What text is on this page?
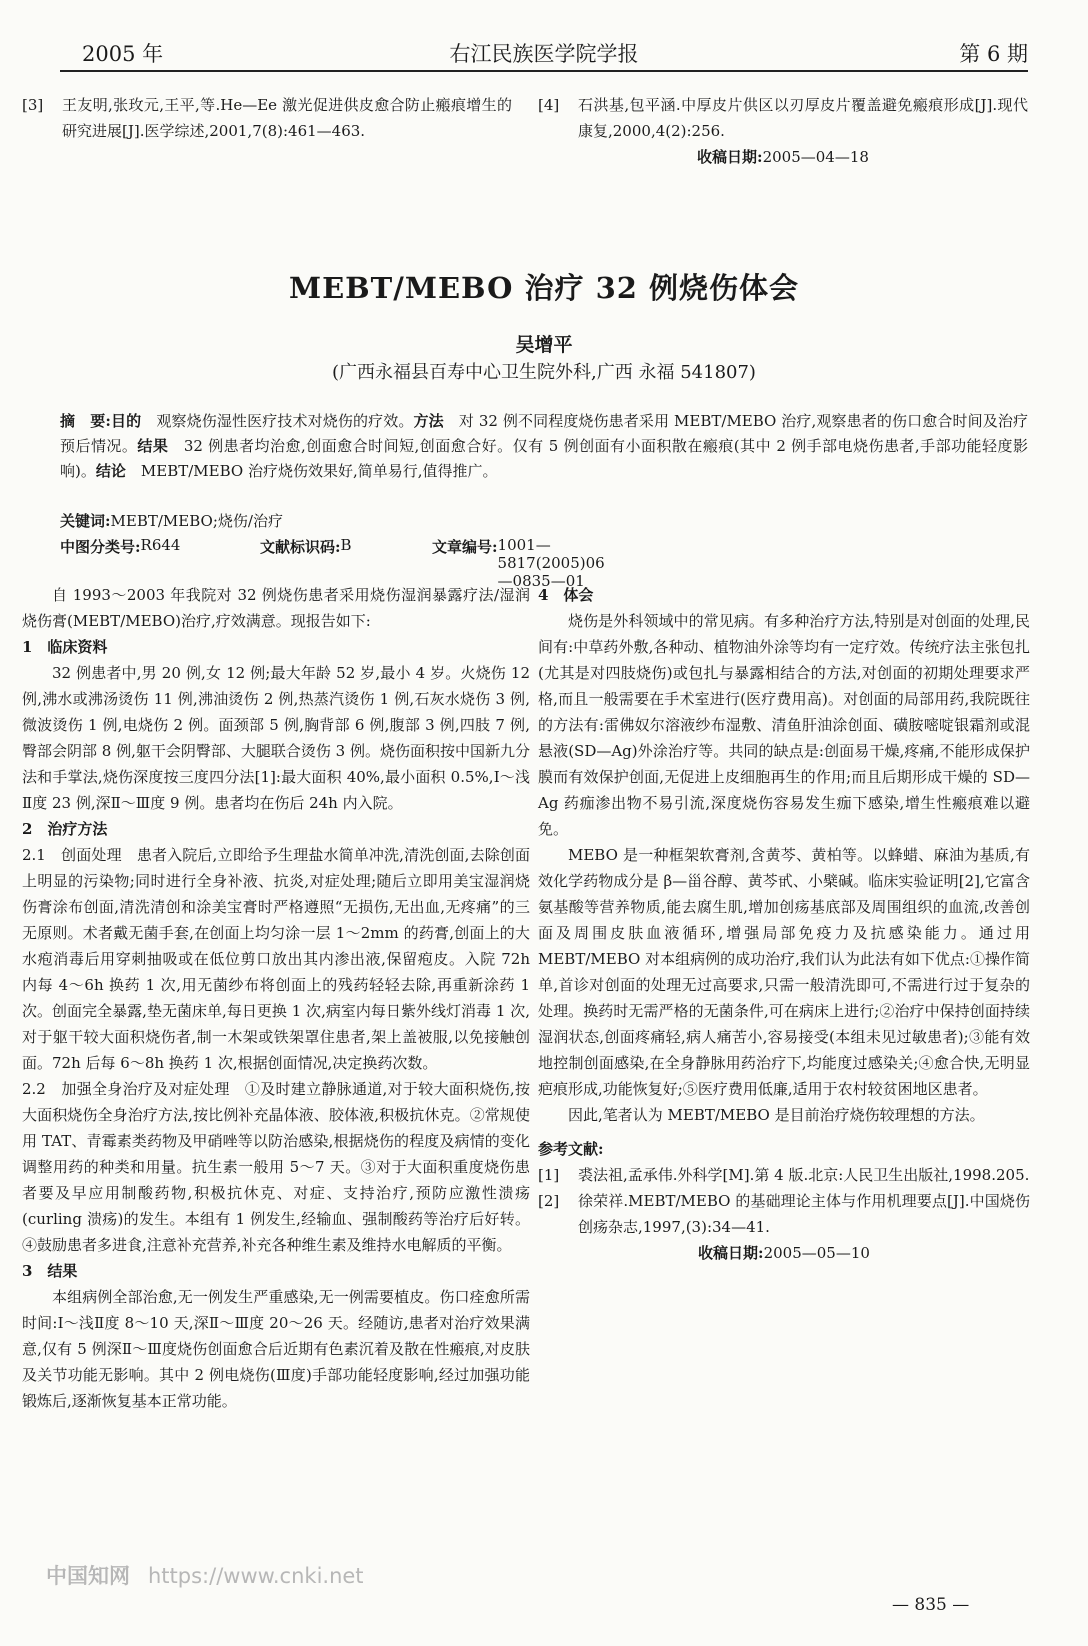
2005 年	右江民族医学院学报	第 6 期
[3]	王友明,张玫元,王平,等.He—Ee 激光促进供皮愈合防止瘢痕增生的研究进展[J].医学综述,2001,7(8):461—463.
[4]	石洪基,包平涵.中厚皮片供区以刃厚皮片覆盖避免瘢痕形成[J].现代康复,2000,4(2):256.
收稿日期:2005—04—18
MEBT/MEBO 治疗 32 例烧伤体会
吴增平
(广西永福县百寿中心卫生院外科,广西 永福 541807)
摘　要:目的　 观察烧伤湿性医疗技术对烧伤的疗效。方法　 对 32 例不同程度烧伤患者采用 MEBT/MEBO 治疗,观察患者的伤口愈合时间及治疗预后情况。结果　 32 例患者均治愈,创面愈合时间短,创面愈合好。仅有 5 例创面有小面积散在瘢痕(其中 2 例手部电烧伤患者,手部功能轻度影响)。结论　 MEBT/MEBO 治疗烧伤效果好,简单易行,值得推广。
关键词:MEBT/MEBO;烧伤/治疗
中图分类号: R644	文献标识码: B	文章编号: 1001—5817(2005)06—0835—01

自 1993～2003 年我院对 32 例烧伤患者采用烧伤湿润暴露疗法/湿润烧伤膏(MEBT/MEBO)治疗,疗效满意。现报告如下:

1　临床资料

32 例患者中,男 20 例,女 12 例;最大年龄 52 岁,最小 4 岁。火烧伤 12 例,沸水或沸汤烫伤 11 例,沸油烫伤 2 例,热蒸汽烫伤 1 例,石灰水烧伤 3 例,微波烫伤 1 例,电烧伤 2 例。面颈部 5 例,胸背部 6 例,腹部 3 例,四肢 7 例,臀部会阴部 8 例,躯干会阴臀部、大腿联合烫伤 3 例。烧伤面积按中国新九分法和手掌法,烧伤深度按三度四分法[1]:最大面积 40%,最小面积 0.5%,Ⅰ～浅Ⅱ度 23 例,深Ⅱ～Ⅲ度 9 例。患者均在伤后 24h 内入院。

2　治疗方法

2.1　创面处理　患者入院后,立即给予生理盐水简单冲洗,清洗创面,去除创面上明显的污染物;同时进行全身补液、抗炎,对症处理;随后立即用美宝湿润烧伤膏涂布创面,清洗清创和涂美宝膏时严格遵照“无损伤,无出血,无疼痛”的三无原则。术者戴无菌手套,在创面上均匀涂一层 1～2mm 的药膏,创面上的大水疱消毒后用穿刺抽吸或在低位剪口放出其内渗出液,保留疱皮。入院 72h 内每 4～6h 换药 1 次,用无菌纱布将创面上的残药轻轻去除,再重新涂药 1 次。创面完全暴露,垫无菌床单,每日更换 1 次,病室内每日紫外线灯消毒 1 次,对于躯干较大面积烧伤者,制一木架或铁架罩住患者,架上盖被服,以免接触创面。72h 后每 6～8h 换药 1 次,根据创面情况,决定换药次数。

2.2　加强全身治疗及对症处理　①及时建立静脉通道,对于较大面积烧伤,按大面积烧伤全身治疗方法,按比例补充晶体液、胶体液,积极抗休克。②常规使用 TAT、青霉素类药物及甲硝唑等以防治感染,根据烧伤的程度及病情的变化调整用药的种类和用量。抗生素一般用 5～7 天。③对于大面积重度烧伤患者要及早应用制酸药物,积极抗休克、对症、支持治疗,预防应激性溃疡(curling 溃疡)的发生。本组有 1 例发生,经输血、强制酸药等治疗后好转。④鼓励患者多进食,注意补充营养,补充各种维生素及维持水电解质的平衡。

3　结果

本组病例全部治愈,无一例发生严重感染,无一例需要植皮。伤口痊愈所需时间:Ⅰ～浅Ⅱ度 8～10 天,深Ⅱ～Ⅲ度 20～26 天。经随访,患者对治疗效果满意,仅有 5 例深Ⅱ～Ⅲ度烧伤创面愈合后近期有色素沉着及散在性瘢痕,对皮肤及关节功能无影响。其中 2 例电烧伤(Ⅲ度)手部功能轻度影响,经过加强功能锻炼后,逐渐恢复基本正常功能。

4　体会

烧伤是外科领域中的常见病。有多种治疗方法,特别是对创面的处理,民间有:中草药外敷,各种动、植物油外涂等均有一定疗效。传统疗法主张包扎(尤其是对四肢烧伤)或包扎与暴露相结合的方法,对创面的初期处理要求严格,而且一般需要在手术室进行(医疗费用高)。对创面的局部用药,我院既往的方法有:雷佛奴尔溶液纱布湿敷、清鱼肝油涂创面、磺胺嘧啶银霜剂或混悬液(SD—Ag)外涂治疗等。共同的缺点是:创面易干燥,疼痛,不能形成保护膜而有效保护创面,无促进上皮细胞再生的作用;而且后期形成干燥的 SD—Ag 药痂渗出物不易引流,深度烧伤容易发生痂下感染,增生性瘢痕难以避免。

MEBO 是一种框架软膏剂,含黄芩、黄柏等。以蜂蜡、麻油为基质,有效化学药物成分是 β—甾谷醇、黄芩甙、小檗碱。临床实验证明[2],它富含氨基酸等营养物质,能去腐生肌,增加创疡基底部及周围组织的血流,改善创面及周围皮肤血液循环,增强局部免疫力及抗感染能力。通过用 MEBT/MEBO 对本组病例的成功治疗,我们认为此法有如下优点:①操作简单,首诊对创面的处理无过高要求,只需一般清洗即可,不需进行过于复杂的处理。换药时无需严格的无菌条件,可在病床上进行;②治疗中保持创面持续湿润状态,创面疼痛轻,病人痛苦小,容易接受(本组未见过敏患者);③能有效地控制创面感染,在全身静脉用药治疗下,均能度过感染关;④愈合快,无明显疤痕形成,功能恢复好;⑤医疗费用低廉,适用于农村较贫困地区患者。

因此,笔者认为 MEBT/MEBO 是目前治疗烧伤较理想的方法。

参考文献:
[1]	裘法祖,孟承伟.外科学[M].第 4 版.北京:人民卫生出版社,1998.205.
[2]	徐荣祥.MEBT/MEBO 的基础理论主体与作用机理要点[J].中国烧伤创疡杂志,1997,(3):34—41.
收稿日期:2005—05—10
中国知网 https://www.cnki.net
— 835 —
